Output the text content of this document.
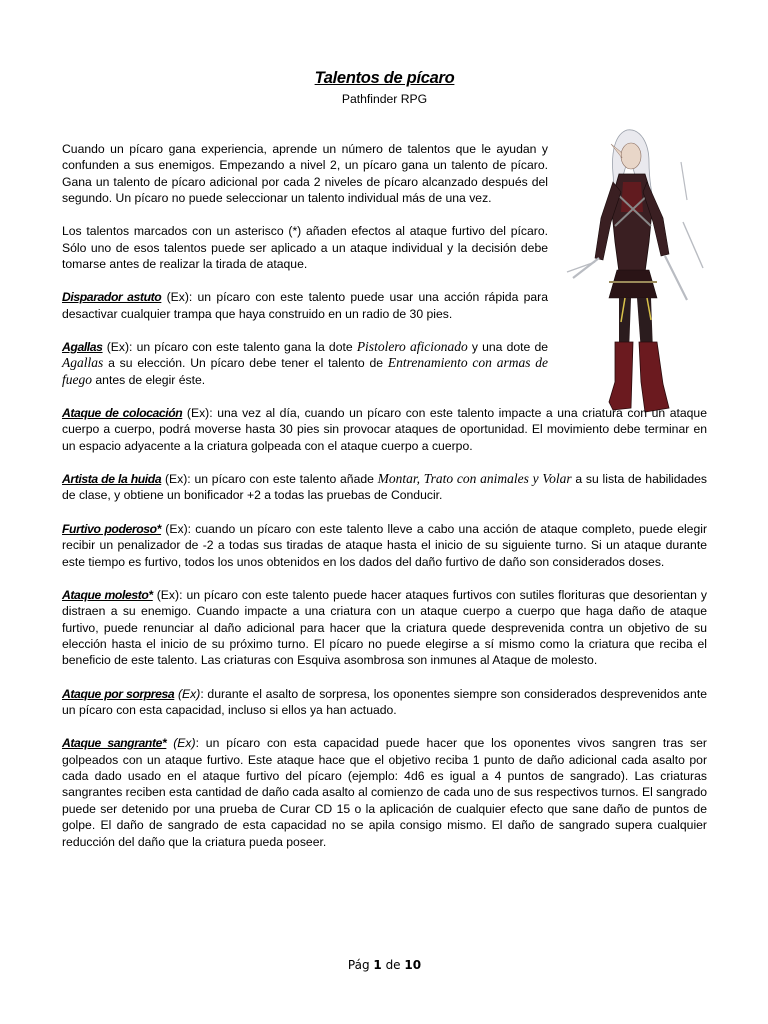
Talentos de pícaro
Pathfinder RPG

Cuando un pícaro gana experiencia, aprende un número de talentos que le ayudan y confunden a sus enemigos. Empezando a nivel 2, un pícaro gana un talento de pícaro. Gana un talento de pícaro adicional por cada 2 niveles de pícaro alcanzado después del segundo. Un pícaro no puede seleccionar un talento individual más de una vez.

Los talentos marcados con un asterisco (*) añaden efectos al ataque furtivo del pícaro. Sólo uno de esos talentos puede ser aplicado a un ataque individual y la decisión debe tomarse antes de realizar la tirada de ataque.

Disparador astuto (Ex): un pícaro con este talento puede usar una acción rápida para desactivar cualquier trampa que haya construido en un radio de 30 pies.

Agallas (Ex): un pícaro con este talento gana la dote Pistolero aficionado y una dote de Agallas a su elección. Un pícaro debe tener el talento de Entrenamiento con armas de fuego antes de elegir éste.

Ataque de colocación (Ex): una vez al día, cuando un pícaro con este talento impacte a una criatura con un ataque cuerpo a cuerpo, podrá moverse hasta 30 pies sin provocar ataques de oportunidad. El movimiento debe terminar en un espacio adyacente a la criatura golpeada con el ataque cuerpo a cuerpo.

Artista de la huida (Ex): un pícaro con este talento añade Montar, Trato con animales y Volar a su lista de habilidades de clase, y obtiene un bonificador +2 a todas las pruebas de Conducir.

Furtivo poderoso* (Ex): cuando un pícaro con este talento lleve a cabo una acción de ataque completo, puede elegir recibir un penalizador de -2 a todas sus tiradas de ataque hasta el inicio de su siguiente turno. Si un ataque durante este tiempo es furtivo, todos los unos obtenidos en los dados del daño furtivo de daño son considerados doses.

Ataque molesto* (Ex): un pícaro con este talento puede hacer ataques furtivos con sutiles florituras que desorientan y distraen a su enemigo. Cuando impacte a una criatura con un ataque cuerpo a cuerpo que haga daño de ataque furtivo, puede renunciar al daño adicional para hacer que la criatura quede desprevenida contra un objetivo de su elección hasta el inicio de su próximo turno. El pícaro no puede elegirse a sí mismo como la criatura que reciba el beneficio de este talento. Las criaturas con Esquiva asombrosa son inmunes al Ataque de molesto.

Ataque por sorpresa (Ex): durante el asalto de sorpresa, los oponentes siempre son considerados desprevenidos ante un pícaro con esta capacidad, incluso si ellos ya han actuado.

Ataque sangrante* (Ex): un pícaro con esta capacidad puede hacer que los oponentes vivos sangren tras ser golpeados con un ataque furtivo. Este ataque hace que el objetivo reciba 1 punto de daño adicional cada asalto por cada dado usado en el ataque furtivo del pícaro (ejemplo: 4d6 es igual a 4 puntos de sangrado). Las criaturas sangrantes reciben esta cantidad de daño cada asalto al comienzo de cada uno de sus respectivos turnos. El sangrado puede ser detenido por una prueba de Curar CD 15 o la aplicación de cualquier efecto que sane daño de puntos de golpe. El daño de sangrado de esta capacidad no se apila consigo mismo. El daño de sangrado supera cualquier reducción del daño que la criatura pueda poseer.

Pág 1 de 10
